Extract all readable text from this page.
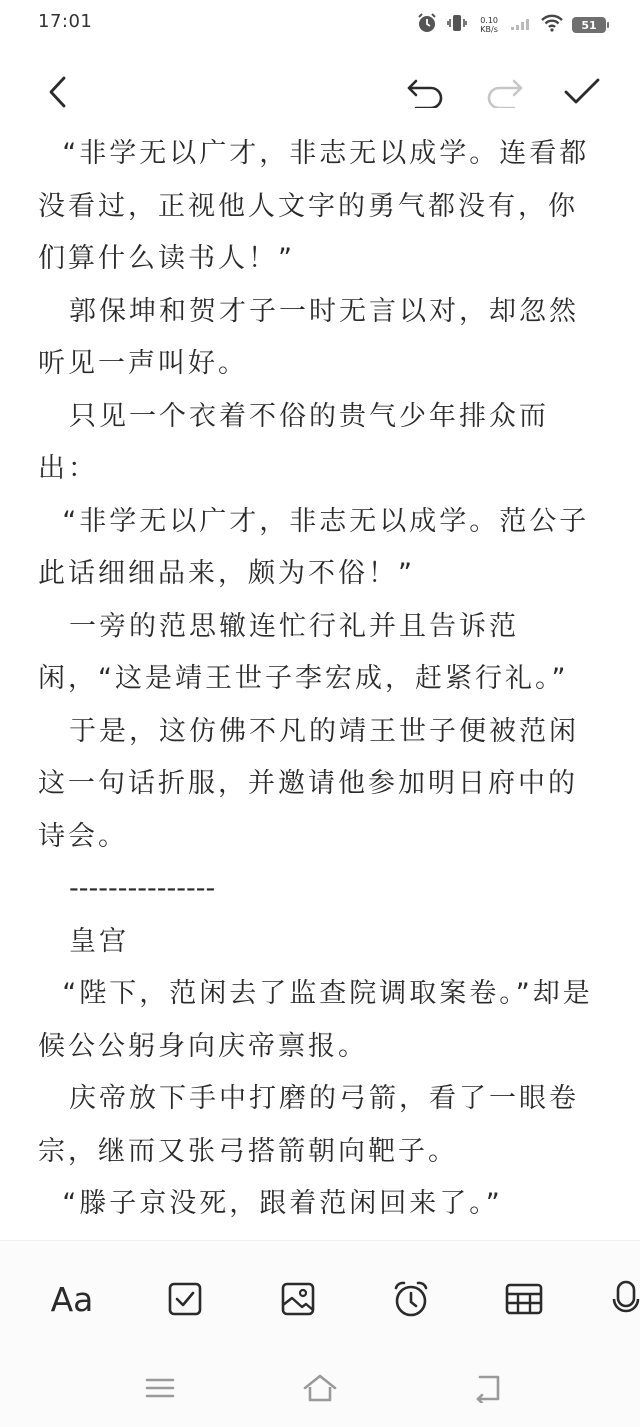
17:01	0.10
KB/s	51

“非学无以广才，非志无以成学。连看都没看过，正视他人文字的勇气都没有，你们算什么读书人！”

郭保坤和贺才子一时无言以对，却忽然听见一声叫好。

只见一个衣着不俗的贵气少年排众而出：

“非学无以广才，非志无以成学。范公子此话细细品来，颇为不俗！”

一旁的范思辙连忙行礼并且告诉范闲，“这是靖王世子李宏成，赶紧行礼。”

于是，这仿佛不凡的靖王世子便被范闲这一句话折服，并邀请他参加明日府中的诗会。

---------------

皇宫

“陛下，范闲去了监查院调取案卷。”却是候公公躬身向庆帝禀报。

庆帝放下手中打磨的弓箭，看了一眼卷宗，继而又张弓搭箭朝向靶子。

“滕子京没死，跟着范闲回来了。”

Aa
